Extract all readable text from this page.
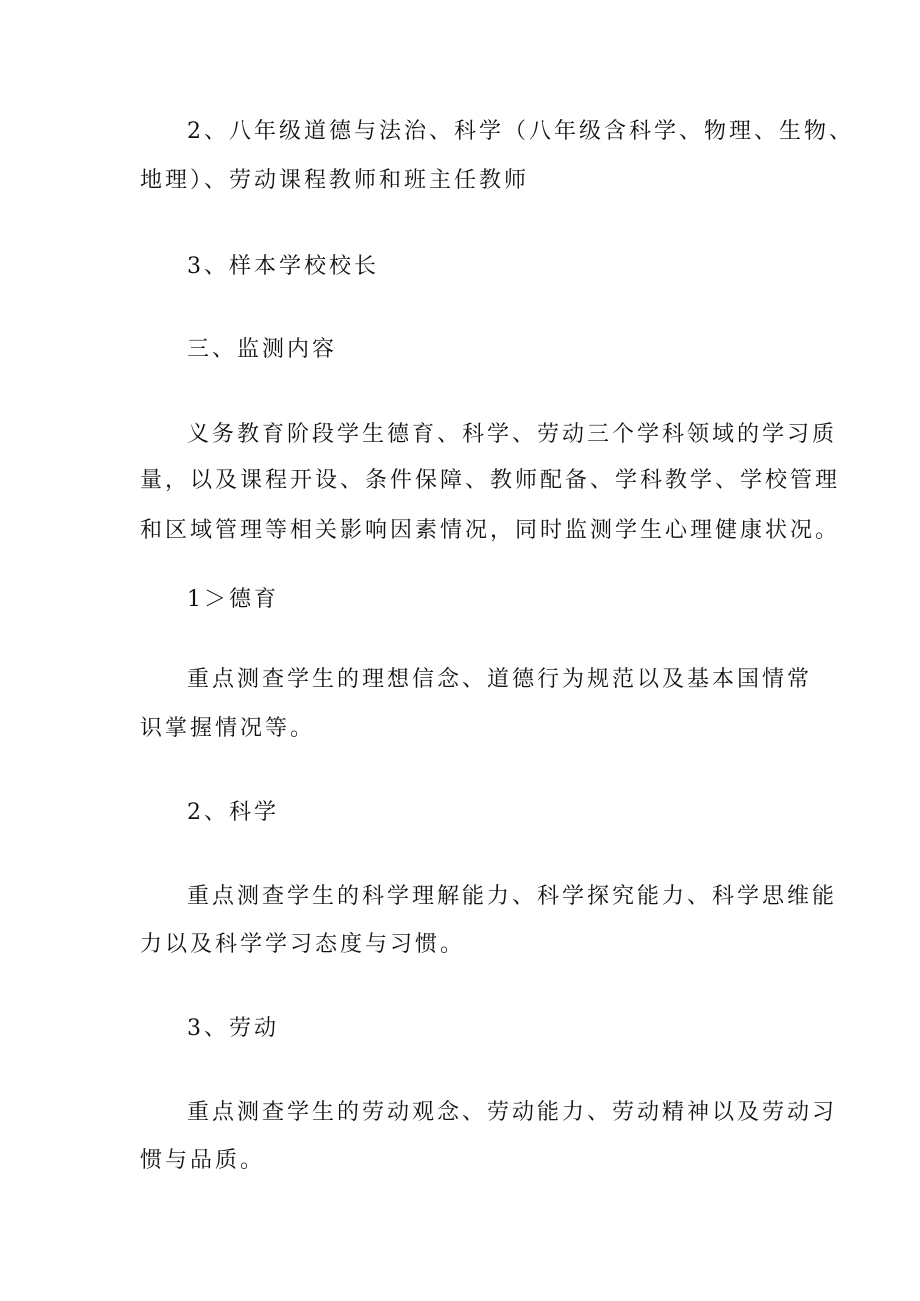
2、八年级道德与法治、科学（八年级含科学、物理、生物、
地理）、劳动课程教师和班主任教师
3、样本学校校长
三、监测内容
义务教育阶段学生德育、科学、劳动三个学科领域的学习质
量，以及课程开设、条件保障、教师配备、学科教学、学校管理
和区域管理等相关影响因素情况，同时监测学生心理健康状况。
1＞德育
重点测查学生的理想信念、道德行为规范以及基本国情常
识掌握情况等。
2、科学
重点测查学生的科学理解能力、科学探究能力、科学思维能
力以及科学学习态度与习惯。
3、劳动
重点测查学生的劳动观念、劳动能力、劳动精神以及劳动习
惯与品质。
